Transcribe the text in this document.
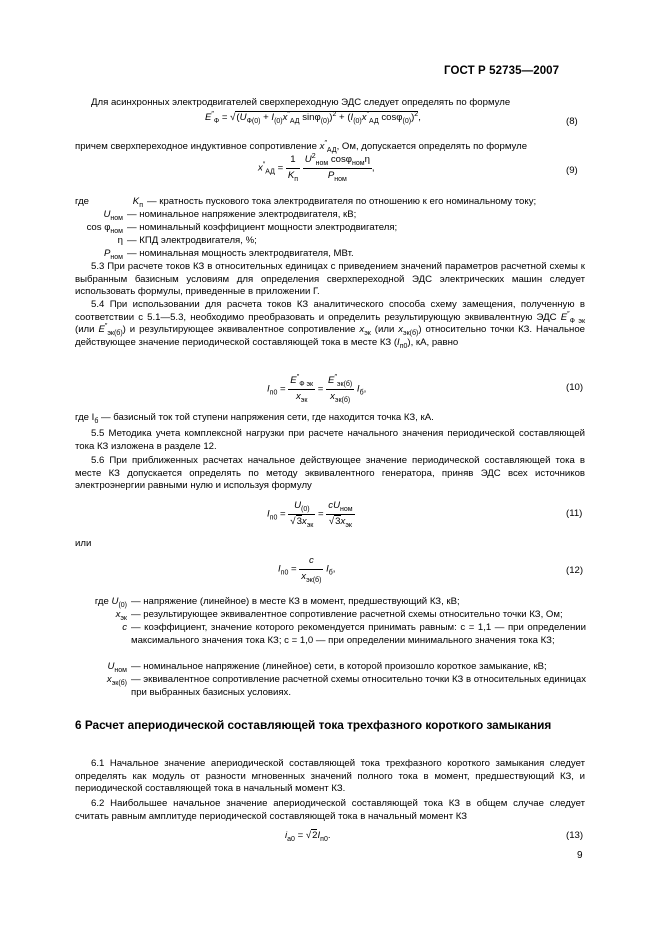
ГОСТ Р 52735—2007
Для асинхронных электродвигателей сверхпереходную ЭДС следует определять по формуле
$E''_Ф = √(U_{Ф(0)} + I_{(0)}x''_{АД}$ $\sin\varphi_{(0)})^2 + (I_{(0)}x''_{АД}$ cosφ$_{(0)}$)$^2$,	(8)
причем сверхпереходное индуктивное сопротивление $x''_{АД}$, Ом, допускается определять по формуле
$x''_{АД} = \frac{1}{K_п}$
$\frac{U^2_{ном} \cos\varphi_{ном}\eta}{P_{ном}}$ ,	(9)
где	$K_п$ — кратность пускового тока электродвигателя по отношению к его номинальному току;
$U_{ном}$ — номинальное напряжение электродвигателя, кВ;
$\cos \varphi_{ном}$ — номинальный коэффициент мощности электродвигателя;
η — КПД электродвигателя, %;
$P_{ном}$ — номинальная мощность электродвигателя, МВт.
5.3 При расчете токов КЗ в относительных единицах с приведением значений параметров расчетной схемы к выбранным базисным условиям для определения сверхпереходной ЭДС электрических машин следует использовать формулы, приведенные в приложении Г.
5.4 При использовании для расчета токов КЗ аналитического способа схему замещения, полученную в соответствии с 5.1—5.3, необходимо преобразовать и определить результирующую эквивалентную ЭДС $E''_{Ф эк}$ (или $E''_{эк(б)}$) и результирующее эквивалентное сопротивление $x_{эк}$ (или $x_{эк(б)}$) относительно точки КЗ. Начальное действующее значение периодической составляющей тока в месте КЗ $(I_{п0})$, кА, равно
$I_{п0} = \frac{E''_{Ф эк}}{x_{эк}} = \frac{E''_{эк(б)}}{x_{эк(б)}} I_б$,	(10)
где $I_б$ — базисный ток той ступени напряжения сети, где находится точка КЗ, кА.
5.5 Методика учета комплексной нагрузки при расчете начального значения периодической составляющей тока КЗ изложена в разделе 12.
5.6 При приближенных расчетах начальное действующее значение периодической составляющей тока в месте КЗ допускается определять по методу эквивалентного генератора, приняв ЭДС всех источников электроэнергии равными нулю и используя формулу
$I_{п0} = \frac{U_{(0)}}{√3x_{эк}} = \frac{cU_{ном}}{√3x_{эк}}$	(11)
или
$I_{п0} = \frac{c}{x_{эк(б)}} I_б$,	(12)
где $U_{(0)}$ — напряжение (линейное) в месте КЗ в момент, предшествующий КЗ, кВ;
$x_{эк}$ — результирующее эквивалентное сопротивление расчетной схемы относительно точки КЗ, Ом;
c — коэффициент, значение которого рекомендуется принимать равным: c = 1,1 — при определении максимального значения тока КЗ; c = 1,0 — при определении минимального значения тока КЗ;
$U_{ном}$ — номинальное напряжение (линейное) сети, в которой произошло короткое замыкание, кВ;
$x_{эк(б)}$ — эквивалентное сопротивление расчетной схемы относительно точки КЗ в относительных единицах при выбранных базисных условиях.
6 Расчет апериодической составляющей тока трехфазного короткого замыкания
6.1 Начальное значение апериодической составляющей тока трехфазного короткого замыкания следует определять как модуль от разности мгновенных значений полного тока в момент, предшествующий КЗ, и периодической составляющей тока в начальный момент КЗ.
6.2 Наибольшее начальное значение апериодической составляющей тока КЗ в общем случае следует считать равным амплитуде периодической составляющей тока в начальный момент КЗ
$i_{а0} = √2I_{п0}$.	(13)
9
